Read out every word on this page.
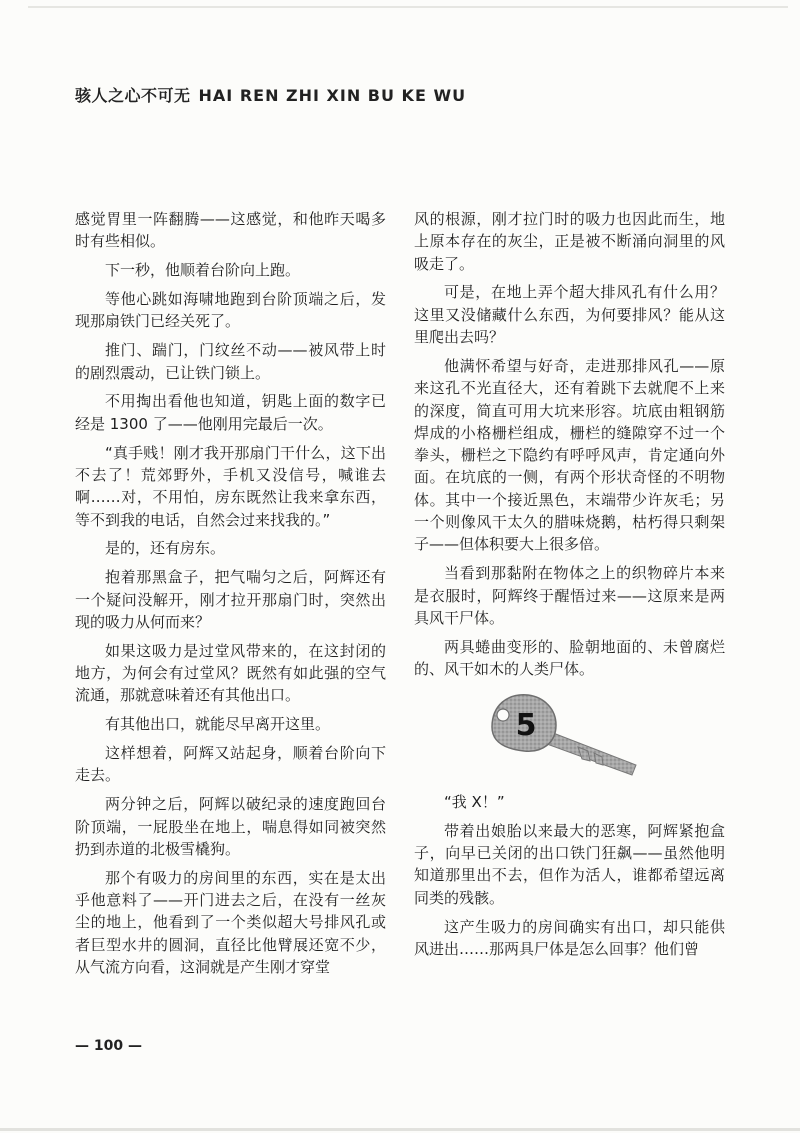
骇人之心不可无 HAI REN ZHI XIN BU KE WU

感觉胃里一阵翻腾——这感觉，和他昨天喝多时有些相似。

下一秒，他顺着台阶向上跑。

等他心跳如海啸地跑到台阶顶端之后，发现那扇铁门已经关死了。

推门、踹门，门纹丝不动——被风带上时的剧烈震动，已让铁门锁上。

不用掏出看他也知道，钥匙上面的数字已经是 1300 了——他刚用完最后一次。

“真手贱！刚才我开那扇门干什么，这下出不去了！荒郊野外，手机又没信号，喊谁去啊……对，不用怕，房东既然让我来拿东西，等不到我的电话，自然会过来找我的。”

是的，还有房东。

抱着那黑盒子，把气喘匀之后，阿辉还有一个疑问没解开，刚才拉开那扇门时，突然出现的吸力从何而来？

如果这吸力是过堂风带来的，在这封闭的地方，为何会有过堂风？既然有如此强的空气流通，那就意味着还有其他出口。

有其他出口，就能尽早离开这里。

这样想着，阿辉又站起身，顺着台阶向下走去。

两分钟之后，阿辉以破纪录的速度跑回台阶顶端，一屁股坐在地上，喘息得如同被突然扔到赤道的北极雪橇狗。

那个有吸力的房间里的东西，实在是太出乎他意料了——开门进去之后，在没有一丝灰尘的地上，他看到了一个类似超大号排风孔或者巨型水井的圆洞，直径比他臂展还宽不少，从气流方向看，这洞就是产生刚才穿堂

风的根源，刚才拉门时的吸力也因此而生，地上原本存在的灰尘，正是被不断涌向洞里的风吸走了。

可是，在地上弄个超大排风孔有什么用？这里又没储藏什么东西，为何要排风？能从这里爬出去吗？

他满怀希望与好奇，走进那排风孔——原来这孔不光直径大，还有着跳下去就爬不上来的深度，简直可用大坑来形容。坑底由粗钢筋焊成的小格栅栏组成，栅栏的缝隙穿不过一个拳头，栅栏之下隐约有呼呼风声，肯定通向外面。在坑底的一侧，有两个形状奇怪的不明物体。其中一个接近黑色，末端带少许灰毛；另一个则像风干太久的腊味烧鹅，枯朽得只剩架子——但体积要大上很多倍。

当看到那黏附在物体之上的织物碎片本来是衣服时，阿辉终于醒悟过来——这原来是两具风干尸体。

两具蜷曲变形的、脸朝地面的、未曾腐烂的、风干如木的人类尸体。

5

“我 X！”

带着出娘胎以来最大的恶寒，阿辉紧抱盒子，向早已关闭的出口铁门狂飙——虽然他明知道那里出不去，但作为活人，谁都希望远离同类的残骸。

这产生吸力的房间确实有出口，却只能供风进出……那两具尸体是怎么回事？他们曾

— 100 —
